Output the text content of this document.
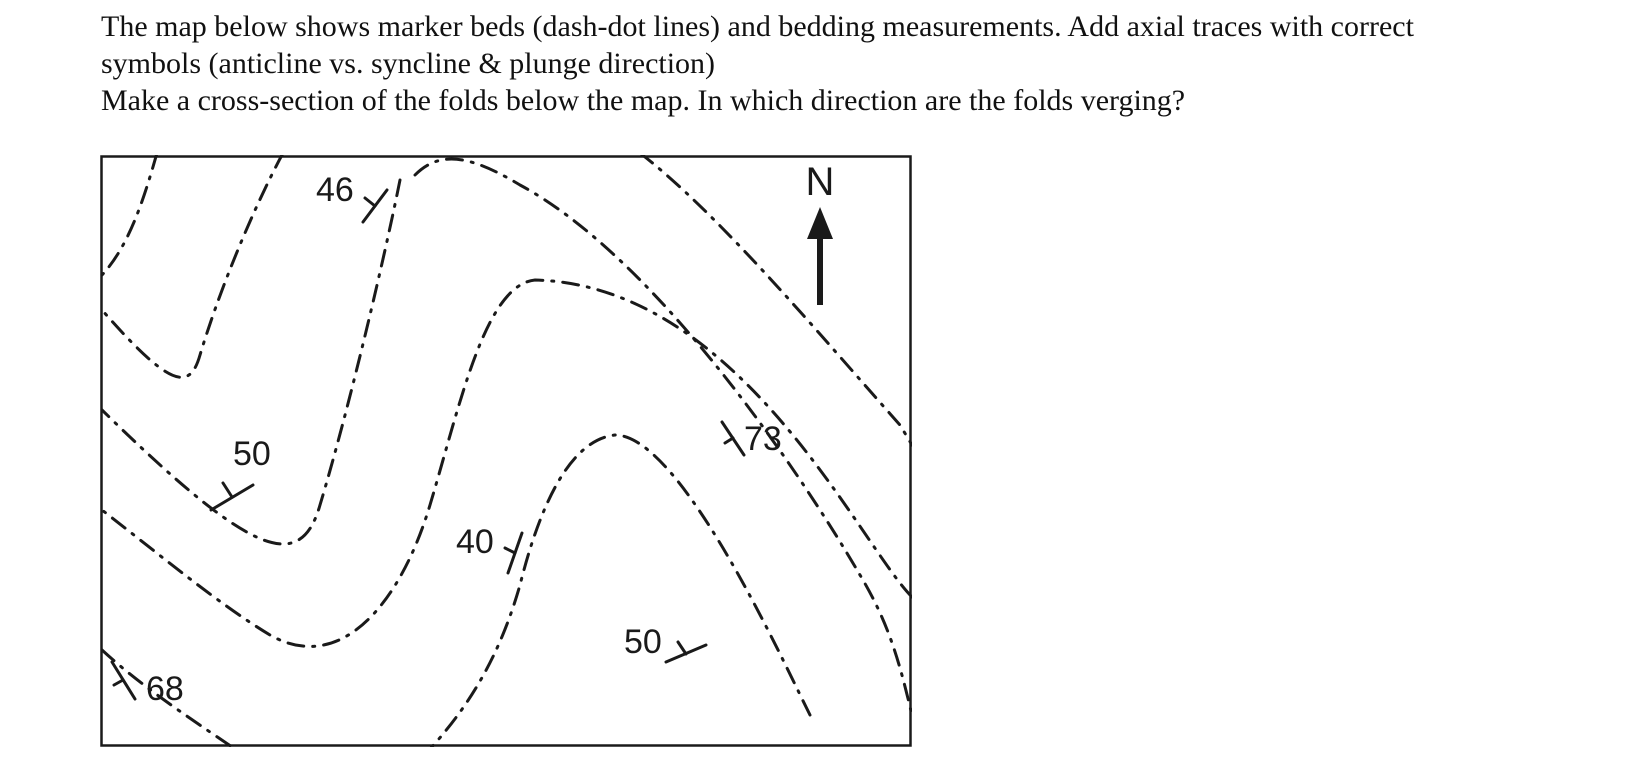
The map below shows marker beds (dash-dot lines) and bedding measurements. Add axial traces with correct

symbols (anticline vs. syncline & plunge direction)

Make a cross-section of the folds below the map. In which direction are the folds verging?

N
46
50
40
50
73
68
